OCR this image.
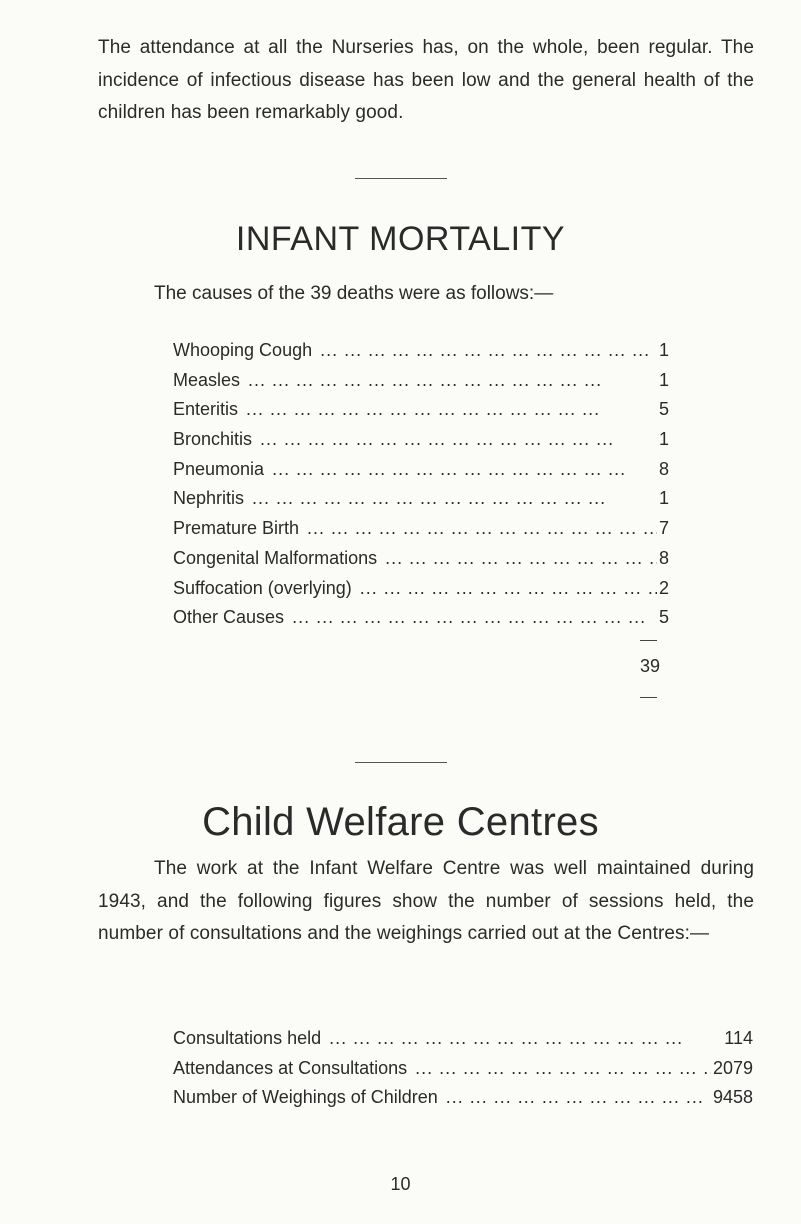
The attendance at all the Nurseries has, on the whole, been regular. The incidence of infectious disease has been low and the general health of the children has been remarkably good.

INFANT MORTALITY
The causes of the 39 deaths were as follows:—
Whooping Cough ... .	1
Measles ... .	1
Enteritis ... .	5
Bronchitis ... .	1
Pneumonia ... .	8
Nephritis ... .	1
Premature Birth ... .	7
Congenital Malformations ... .	8
Suffocation (overlying) ... .	2
Other Causes ... .	5
39
Child Welfare Centres

The work at the Infant Welfare Centre was well maintained during 1943, and the following figures show the number of sessions held, the number of consultations and the weighings carried out at the Centres:—

Consultations held ... .	114
Attendances at Consultations ... .	2079
Number of Weighings of Children ... .	9458
10
